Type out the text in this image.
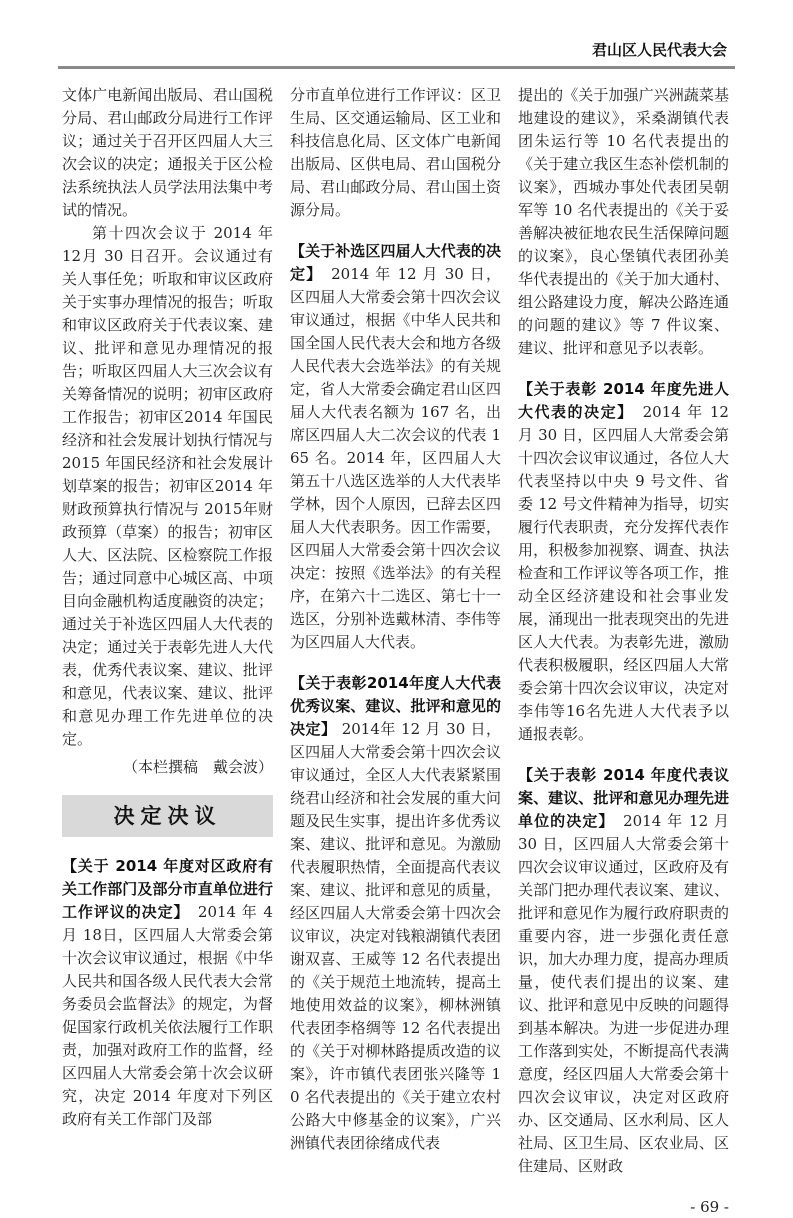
君山区人民代表大会
文体广电新闻出版局、君山国税分局、君山邮政分局进行工作评议；通过关于召开区四届人大三次会议的决定；通报关于区公检法系统执法人员学法用法集中考试的情况。
第十四次会议于 2014 年 12月 30 日召开。会议通过有关人事任免；听取和审议区政府关于实事办理情况的报告；听取和审议区政府关于代表议案、建议、批评和意见办理情况的报告；听取区四届人大三次会议有关筹备情况的说明；初审区政府工作报告；初审区2014 年国民经济和社会发展计划执行情况与 2015 年国民经济和社会发展计划草案的报告；初审区2014 年财政预算执行情况与 2015年财政预算（草案）的报告；初审区人大、区法院、区检察院工作报告；通过同意中心城区高、中项目向金融机构适度融资的决定；通过关于补选区四届人大代表的决定；通过关于表彰先进人大代表，优秀代表议案、建议、批评和意见，代表议案、建议、批评和意见办理工作先进单位的决定。
（本栏撰稿　戴会波）
决定决议
【关于 2014 年度对区政府有关工作部门及部分市直单位进行工作评议的决定】　2014 年 4 月 18日，区四届人大常委会第十次会议审议通过，根据《中华人民共和国各级人民代表大会常务委员会监督法》的规定，为督促国家行政机关依法履行工作职责，加强对政府工作的监督，经区四届人大常委会第十次会议研究，决定 2014 年度对下列区政府有关工作部门及部
分市直单位进行工作评议：区卫生局、区交通运输局、区工业和科技信息化局、区文体广电新闻出版局、区供电局、君山国税分局、君山邮政分局、君山国土资源分局。
【关于补选区四届人大代表的决定】　2014 年 12 月 30 日，区四届人大常委会第十四次会议审议通过，根据《中华人民共和国全国人民代表大会和地方各级人民代表大会选举法》的有关规定，省人大常委会确定君山区四届人大代表名额为 167 名，出席区四届人大二次会议的代表 165 名。2014 年，区四届人大第五十八选区选举的人大代表毕学林，因个人原因，已辞去区四届人大代表职务。因工作需要，区四届人大常委会第十四次会议决定：按照《选举法》的有关程序，在第六十二选区、第七十一选区，分别补选戴林清、李伟等为区四届人大代表。
【关于表彰2014年度人大代表优秀议案、建议、批评和意见的决定】 2014年 12 月 30 日，区四届人大常委会第十四次会议审议通过，全区人大代表紧紧围绕君山经济和社会发展的重大问题及民生实事，提出许多优秀议案、建议、批评和意见。为激励代表履职热情，全面提高代表议案、建议、批评和意见的质量，经区四届人大常委会第十四次会议审议，决定对钱粮湖镇代表团谢双喜、王威等 12 名代表提出的《关于规范土地流转，提高土地使用效益的议案》，柳林洲镇代表团李格绸等 12 名代表提出的《关于对柳林路提质改造的议案》，许市镇代表团张兴隆等 10 名代表提出的《关于建立农村公路大中修基金的议案》，广兴洲镇代表团徐绪成代表
提出的《关于加强广兴洲蔬菜基地建设的建议》，采桑湖镇代表团朱运行等 10 名代表提出的《关于建立我区生态补偿机制的议案》，西城办事处代表团吴朝军等 10 名代表提出的《关于妥善解决被征地农民生活保障问题的议案》，良心堡镇代表团孙美华代表提出的《关于加大通村、组公路建设力度，解决公路连通的问题的建议》等 7 件议案、建议、批评和意见予以表彰。
【关于表彰 2014 年度先进人大代表的决定】　2014 年 12 月 30 日，区四届人大常委会第十四次会议审议通过，各位人大代表坚持以中央 9 号文件、省委 12 号文件精神为指导，切实履行代表职责，充分发挥代表作用，积极参加视察、调查、执法检查和工作评议等各项工作，推动全区经济建设和社会事业发展，涌现出一批表现突出的先进区人大代表。为表彰先进，激励代表积极履职，经区四届人大常委会第十四次会议审议，决定对李伟等16名先进人大代表予以通报表彰。
【关于表彰 2014 年度代表议案、建议、批评和意见办理先进单位的决定】　2014 年 12 月 30 日，区四届人大常委会第十四次会议审议通过，区政府及有关部门把办理代表议案、建议、批评和意见作为履行政府职责的重要内容，进一步强化责任意识，加大办理力度，提高办理质量，使代表们提出的议案、建议、批评和意见中反映的问题得到基本解决。为进一步促进办理工作落到实处，不断提高代表满意度，经区四届人大常委会第十四次会议审议，决定对区政府办、区交通局、区水利局、区人社局、区卫生局、区农业局、区住建局、区财政
- 69 -
